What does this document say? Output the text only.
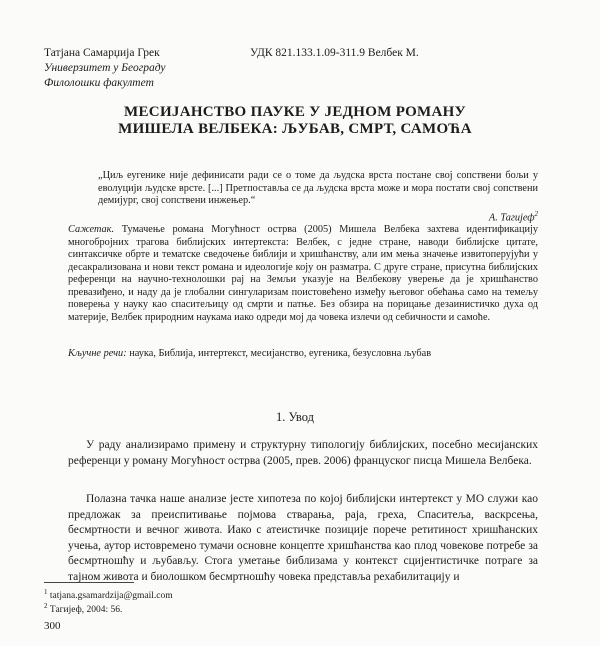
Татјана Самарџија Грек
Универзитет у Београду
Филолошки факултет
УДК 821.133.1.09-311.9 Велбек М.
МЕСИЈАНСТВО ПАУКЕ У ЈЕДНОМ РОМАНУ
МИШЕЛА ВЕЛБЕКА: ЉУБАВ, СМРТ, САМОЋА
„Циљ еугенике није дефинисати ради се о томе да људска врста постане свој сопствени бољи у еволуцији људске врсте. [...] Претпоставља се да људска врста може и мора постати свој сопствени демијург, свој сопствени инжењер.“
А. Тагијеф$^2$
Сажетак. Тумачење романа Могућност острва (2005) Мишела Велбека захтева идентификацију многобројних трагова библијских интертекста: Велбек, с једне стране, наводи библијске цитате, синтаксичке обрте и тематске сведочење библији и хришћанству, али им мења значење извитоперујући у десакрализована и нови текст романа и идеологије коју он разматра. С друге стране, присутна библијских референци на научно-технолошки рај на Земљи указује на Велбекову уверење да је хришћанство превазиђено, и наду да је глобални сингуларизам поистовећено између његовог обећања само на темељу поверења у науку као спаситељицу од смрти и патње. Без обзира на порицање дезаинистичко духа од материје, Велбек природним наукама иако одреди мој да човека излечи од себичности и самоће.
Кључне речи: наука, Библија, интертекст, месијанство, еугеника, безусловна љубав
1. Увод
У раду анализирамо примену и структурну типологију библијских, посебно месијанских референци у роману Могућност острва (2005, прев. 2006) француског писца Мишела Велбека.
Полазна тачка наше анализе јесте хипотеза по којој библијски интертекст у МО служи као предложак за преиспитивање појмова стварања, раја, греха, Спаситеља, васкрсења, бесмртности и вечног живота. Иако с атеистичке позиције порече ретитиност хришћанских учења, аутор истовремено тумачи основне концепте хришћанства као плод човекове потребе за бесмртношћу и љубављу. Стога уметање библизама у контекст сцијентистичке потраге за тајном живота и биолошком бесмртношћу човека представља рехабилитацију и
$^1$ tatjana.gsamardzija@gmail.com
$^2$ Тагијеф, 2004: 56.
300
